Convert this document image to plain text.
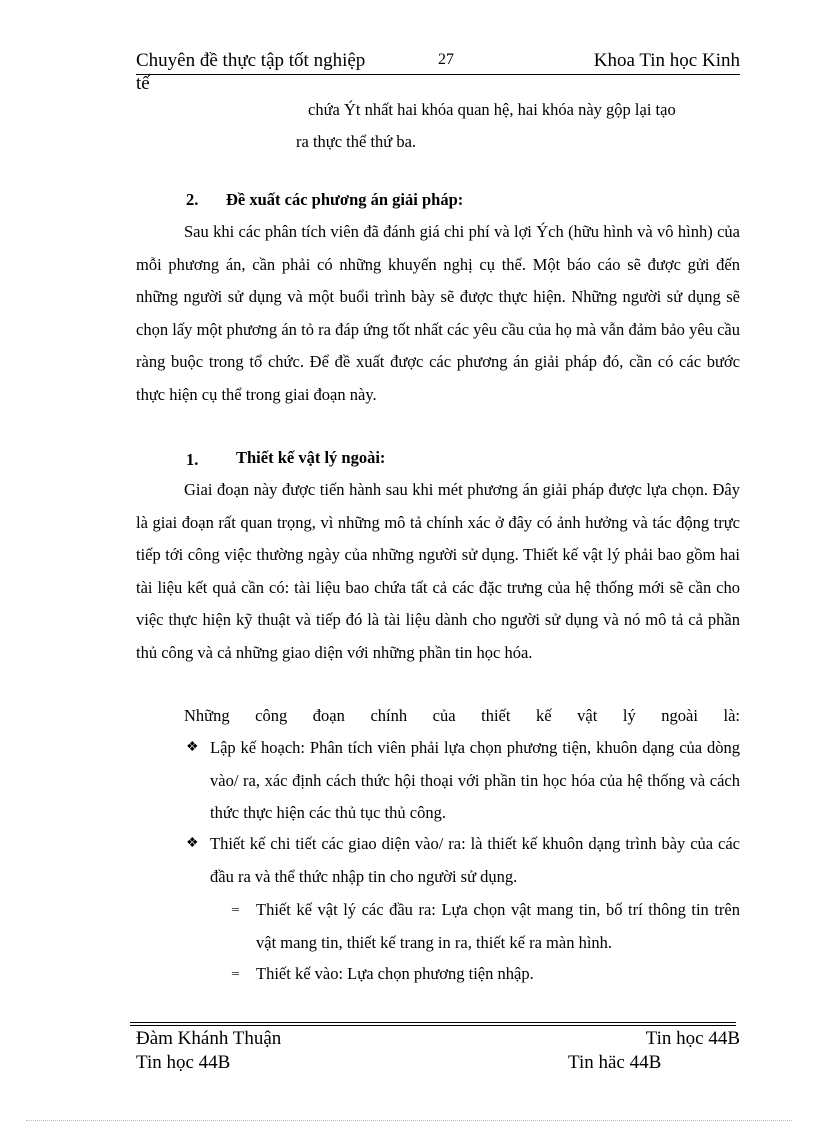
Chuyên đề thực tập tốt nghiệp	27	Khoa Tin học Kinh
tế
chứa Ýt nhất hai khóa quan hệ, hai khóa này gộp lại tạo
ra thực thể thứ ba.
2. Đề xuất các phương án giải pháp:
Sau khi các phân tích viên đã đánh giá chi phí và lợi Ých (hữu hình và vô hình) của mỗi phương án, cần phải có những khuyến nghị cụ thể. Một báo cáo sẽ được gửi đến những người sử dụng và một buổi trình bày sẽ được thực hiện. Những người sử dụng sẽ chọn lấy một phương án tỏ ra đáp ứng tốt nhất các yêu cầu của họ mà vẫn đảm bảo yêu cầu ràng buộc trong tổ chức. Để đề xuất được các phương án giải pháp đó, cần có các bước thực hiện cụ thể trong giai đoạn này.
1. Thiết kế vật lý ngoài:
Giai đoạn này được tiến hành sau khi mét phương án giải pháp được lựa chọn. Đây là giai đoạn rất quan trọng, vì những mô tả chính xác ở đây có ảnh hưởng và tác động trực tiếp tới công việc thường ngày của những người sử dụng. Thiết kế vật lý phải bao gồm hai tài liệu kết quả cần có: tài liệu bao chứa tất cả các đặc trưng của hệ thống mới sẽ cần cho việc thực hiện kỹ thuật và tiếp đó là tài liệu dành cho người sử dụng và nó mô tả cả phần thủ công và cả những giao diện với những phần tin học hóa.
Những công đoạn chính của thiết kế vật lý ngoài là:
❖ Lập kế hoạch: Phân tích viên phải lựa chọn phương tiện, khuôn dạng của dòng vào/ ra, xác định cách thức hội thoại với phần tin học hóa của hệ thống và cách thức thực hiện các thủ tục thủ công.
❖ Thiết kế chi tiết các giao diện vào/ ra: là thiết kế khuôn dạng trình bày của các đầu ra và thể thức nhập tin cho người sử dụng.
‗ Thiết kế vật lý các đầu ra: Lựa chọn vật mang tin, bố trí thông tin trên vật mang tin, thiết kế trang in ra, thiết kế ra màn hình.
‗ Thiết kế vào: Lựa chọn phương tiện nhập.
Đàm Khánh Thuận	Tin học 44B
Tin học 44B	Tin häc 44B
